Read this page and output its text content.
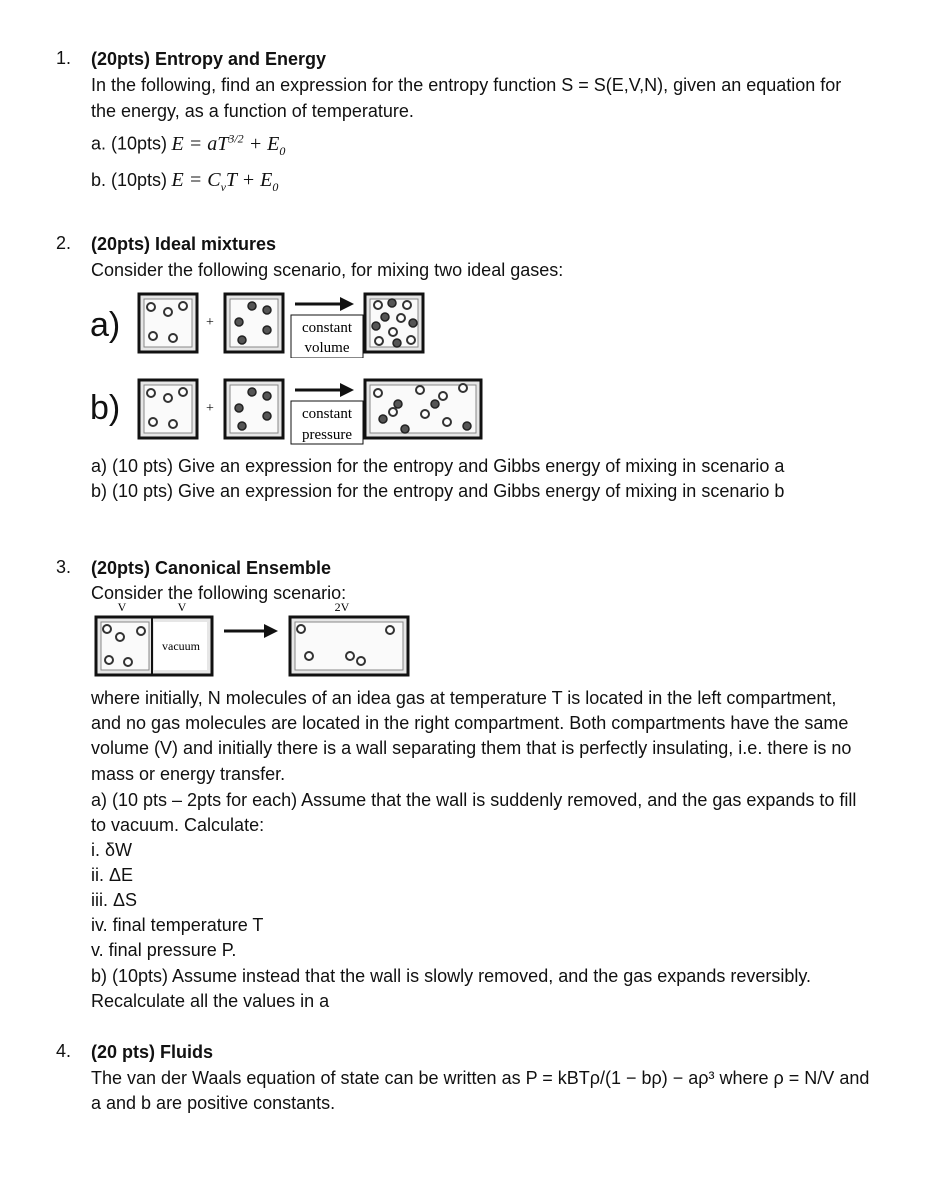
1. (20pts) Entropy and Energy
In the following, find an expression for the entropy function S = S(E,V,N), given an equation for
the energy, as a function of temperature.
a. (10pts) $E = aT^{3/2} + E_0$
b. (10pts) $E = C_vT + E_0$
2. (20pts) Ideal mixtures
Consider the following scenario, for mixing two ideal gases:
a)	+	constant
volume
b)	+	constant
pressure
a) (10 pts) Give an expression for the entropy and Gibbs energy of mixing in scenario a
b) (10 pts) Give an expression for the entropy and Gibbs energy of mixing in scenario b
3. (20pts) Canonical Ensemble
Consider the following scenario:
V	V	2V
vacuum
where initially, N molecules of an idea gas at temperature T is located in the left compartment,
and no gas molecules are located in the right compartment. Both compartments have the same
volume (V) and initially there is a wall separating them that is perfectly insulating, i.e. there is no
mass or energy transfer.
a) (10 pts – 2pts for each) Assume that the wall is suddenly removed, and the gas expands to fill
to vacuum. Calculate:
i. δW
ii. ΔE
iii. ΔS
iv. final temperature T
v. final pressure P.
b) (10pts) Assume instead that the wall is slowly removed, and the gas expands reversibly.
Recalculate all the values in a
4. (20 pts) Fluids
The van der Waals equation of state can be written as P = kBTρ/(1 − bρ) − aρ³ where ρ = N/V and
a and b are positive constants.
